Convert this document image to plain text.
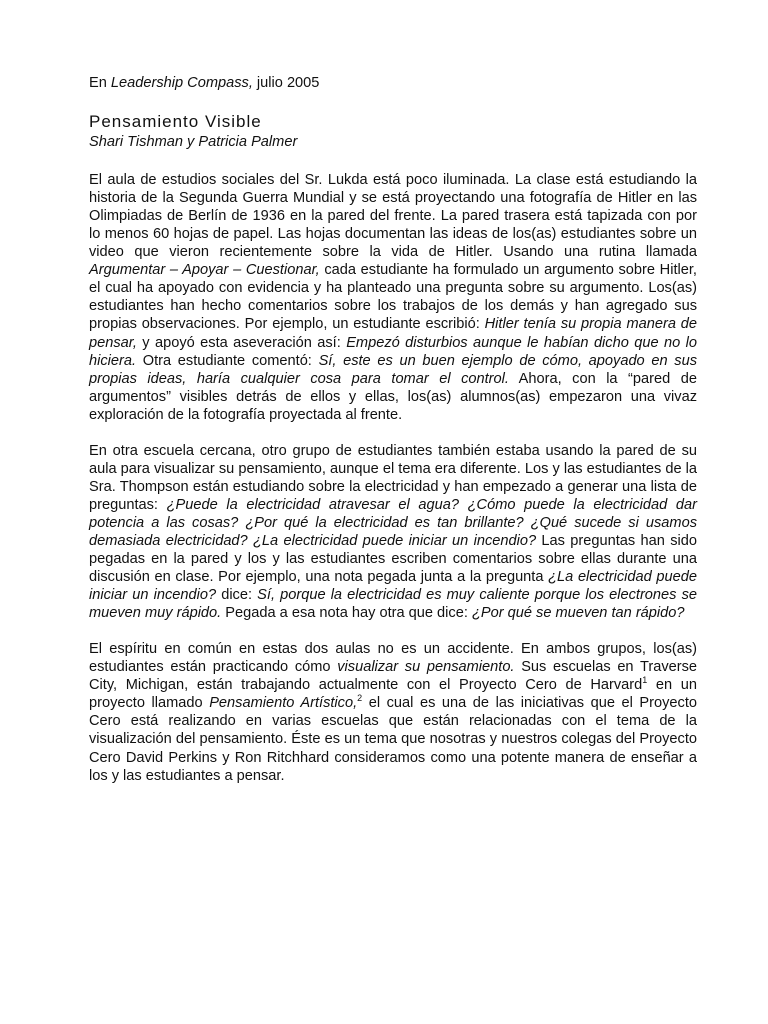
En Leadership Compass, julio 2005

Pensamiento Visible

Shari Tishman y Patricia Palmer

El aula de estudios sociales del Sr. Lukda está poco iluminada. La clase está estudiando la historia de la Segunda Guerra Mundial y se está proyectando una fotografía de Hitler en las Olimpiadas de Berlín de 1936 en la pared del frente. La pared trasera está tapizada con por lo menos 60 hojas de papel. Las hojas documentan las ideas de los(as) estudiantes sobre un video que vieron recientemente sobre la vida de Hitler. Usando una rutina llamada Argumentar – Apoyar – Cuestionar, cada estudiante ha formulado un argumento sobre Hitler, el cual ha apoyado con evidencia y ha planteado una pregunta sobre su argumento. Los(as) estudiantes han hecho comentarios sobre los trabajos de los demás y han agregado sus propias observaciones. Por ejemplo, un estudiante escribió: Hitler tenía su propia manera de pensar, y apoyó esta aseveración así: Empezó disturbios aunque le habían dicho que no lo hiciera. Otra estudiante comentó: Sí, este es un buen ejemplo de cómo, apoyado en sus propias ideas, haría cualquier cosa para tomar el control. Ahora, con la “pared de argumentos” visibles detrás de ellos y ellas, los(as) alumnos(as) empezaron una vivaz exploración de la fotografía proyectada al frente.

En otra escuela cercana, otro grupo de estudiantes también estaba usando la pared de su aula para visualizar su pensamiento, aunque el tema era diferente. Los y las estudiantes de la Sra. Thompson están estudiando sobre la electricidad y han empezado a generar una lista de preguntas: ¿Puede la electricidad atravesar el agua? ¿Cómo puede la electricidad dar potencia a las cosas? ¿Por qué la electricidad es tan brillante? ¿Qué sucede si usamos demasiada electricidad? ¿La electricidad puede iniciar un incendio? Las preguntas han sido pegadas en la pared y los y las estudiantes escriben comentarios sobre ellas durante una discusión en clase. Por ejemplo, una nota pegada junta a la pregunta ¿La electricidad puede iniciar un incendio? dice: Sí, porque la electricidad es muy caliente porque los electrones se mueven muy rápido. Pegada a esa nota hay otra que dice: ¿Por qué se mueven tan rápido?

El espíritu en común en estas dos aulas no es un accidente. En ambos grupos, los(as) estudiantes están practicando cómo visualizar su pensamiento. Sus escuelas en Traverse City, Michigan, están trabajando actualmente con el Proyecto Cero de Harvard$^1$ en un proyecto llamado Pensamiento Artístico,$^2$ el cual es una de las iniciativas que el Proyecto Cero está realizando en varias escuelas que están relacionadas con el tema de la visualización del pensamiento. Éste es un tema que nosotras y nuestros colegas del Proyecto Cero David Perkins y Ron Ritchhard consideramos como una potente manera de enseñar a los y las estudiantes a pensar.
